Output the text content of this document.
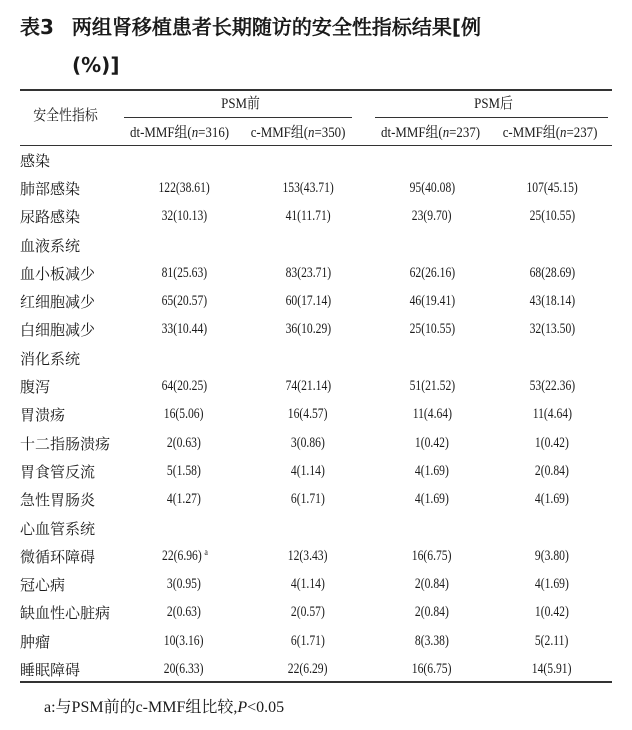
表3 两组肾移植患者长期随访的安全性指标结果[例
(%)]
安全性指标
PSM前	PSM后
dt-MMF组(n=316) c-MMF组(n=350) dt-MMF组(n=237) c-MMF组(n=237)
感染				
肺部感染	122(38.61)	153(43.71)	95(40.08)	107(45.15)
尿路感染	32(10.13)	41(11.71)	23(9.70)	25(10.55)
血液系统				
血小板减少	81(25.63)	83(23.71)	62(26.16)	68(28.69)
红细胞减少	65(20.57)	60(17.14)	46(19.41)	43(18.14)
白细胞减少	33(10.44)	36(10.29)	25(10.55)	32(13.50)
消化系统				
腹泻	64(20.25)	74(21.14)	51(21.52)	53(22.36)
胃溃疡	16(5.06)	16(4.57)	11(4.64)	11(4.64)
十二指肠溃疡	2(0.63)	3(0.86)	1(0.42)	1(0.42)
胃食管反流	5(1.58)	4(1.14)	4(1.69)	2(0.84)
急性胃肠炎	4(1.27)	6(1.71)	4(1.69)	4(1.69)
心血管系统				
微循环障碍	22(6.96) $^a$	12(3.43)	16(6.75)	9(3.80)
冠心病	3(0.95)	4(1.14)	2(0.84)	4(1.69)
缺血性心脏病	2(0.63)	2(0.57)	2(0.84)	1(0.42)
肿瘤	10(3.16)	6(1.71)	8(3.38)	5(2.11)
睡眠障碍	20(6.33)	22(6.29)	16(6.75)	14(5.91)
a:与PSM前的c-MMF组比较,P<0.05
